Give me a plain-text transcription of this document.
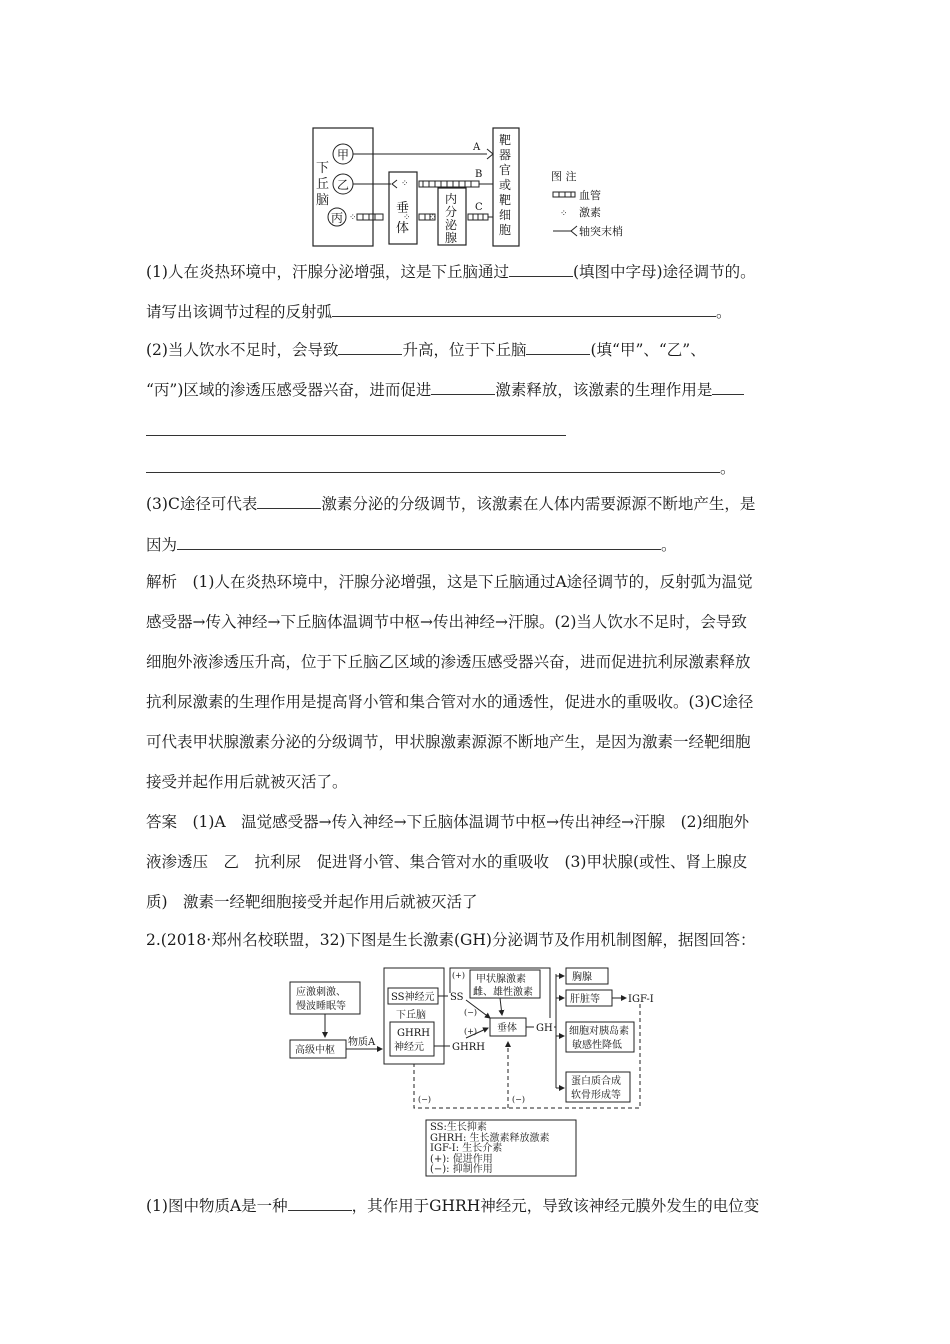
下
丘
脑
甲
乙
丙 ⁘
垂
体
⁘
⁘
内
分
泌
腺
⁘
靶
器
官
或
靶
细
胞
A
B
C
图 注
血管
⁘ 激素
轴突末梢
(1)人在炎热环境中，汗腺分泌增强，这是下丘脑通过	(填图中字母)途径调节的。
请写出该调节过程的反射弧	。
(2)当人饮水不足时，会导致	升高，位于下丘脑	(填“甲”、“乙”、
“丙”)区域的渗透压感受器兴奋，进而促进	激素释放，该激素的生理作用是
。
(3)C途径可代表	激素分泌的分级调节，该激素在人体内需要源源不断地产生，是
因为	。
解析　(1)人在炎热环境中，汗腺分泌增强，这是下丘脑通过A途径调节的，反射弧为温觉
感受器→传入神经→下丘脑体温调节中枢→传出神经→汗腺。(2)当人饮水不足时，会导致
细胞外液渗透压升高，位于下丘脑乙区域的渗透压感受器兴奋，进而促进抗利尿激素释放
抗利尿激素的生理作用是提高肾小管和集合管对水的通透性，促进水的重吸收。(3)C途径
可代表甲状腺激素分泌的分级调节，甲状腺激素源源不断地产生，是因为激素一经靶细胞
接受并起作用后就被灭活了。
答案　(1)A　温觉感受器→传入神经→下丘脑体温调节中枢→传出神经→汗腺　(2)细胞外
液渗透压　乙　抗利尿　促进肾小管、集合管对水的重吸收　(3)甲状腺(或性、肾上腺皮
质)　激素一经靶细胞接受并起作用后就被灭活了
2.(2018·郑州名校联盟，32)下图是生长激素(GH)分泌调节及作用机制图解，据图回答：
应激刺激、
慢波睡眠等
高级中枢
物质A
SS神经元
下丘脑
GHRH
神经元
SS
(−)
GHRH
(+)
甲状腺激素
雌、雄性激素
垂体 GH
(+)	胸腺
肝脏等	IGF-I
细胞对胰岛素
敏感性降低
蛋白质合成
软骨形成等
(−)	(−)
SS:生长抑素
GHRH: 生长激素释放激素
IGF-I: 生长介素
(+): 促进作用
(−): 抑制作用
(1)图中物质A是一种	，其作用于GHRH神经元，导致该神经元膜外发生的电位变
